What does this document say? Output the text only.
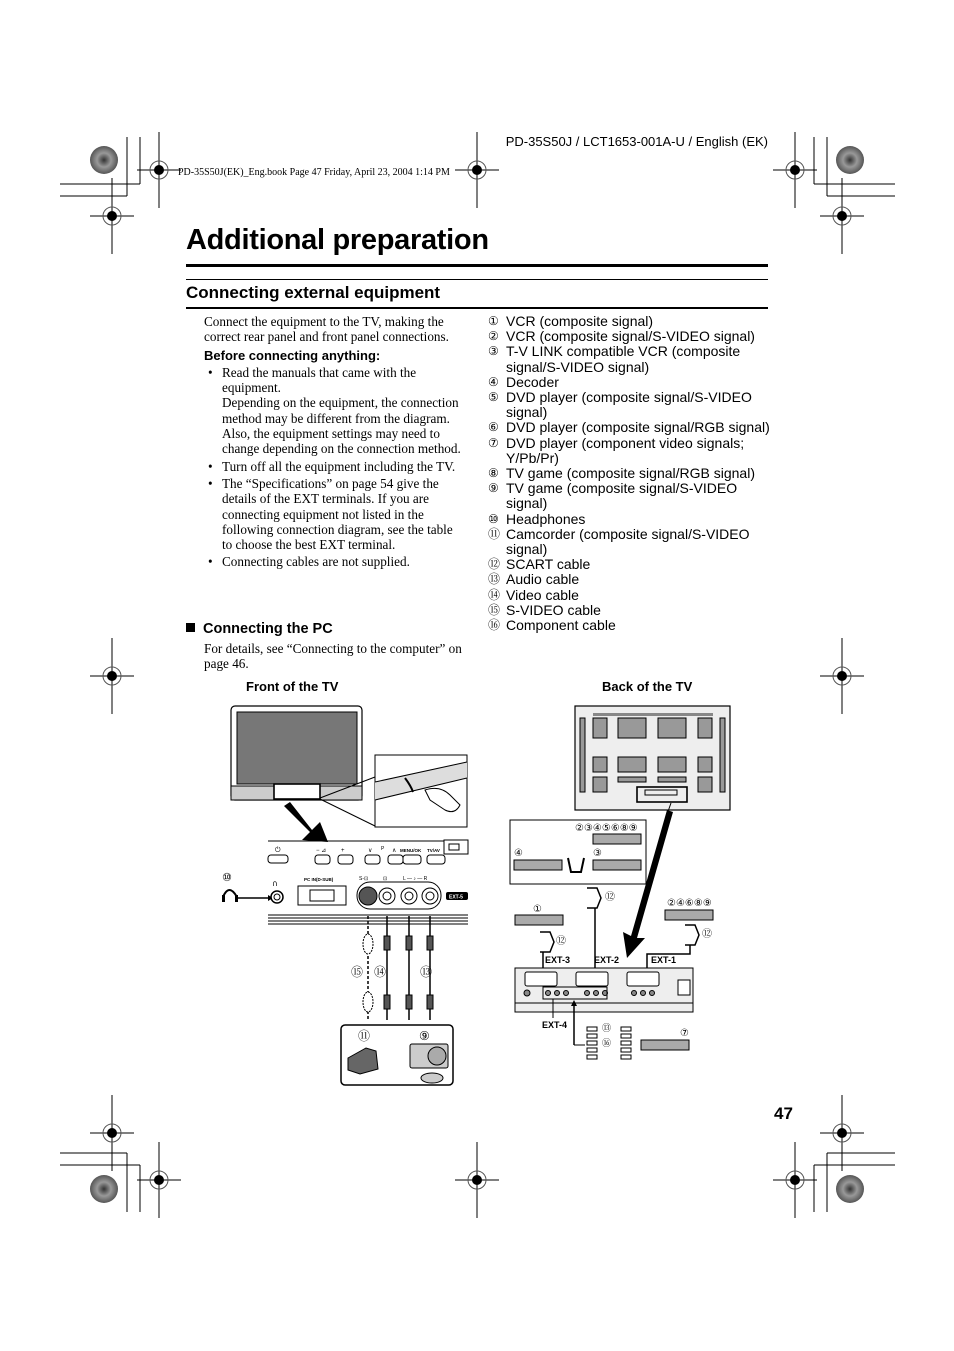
PD-35S50J / LCT1653-001A-U / English (EK)
PD-35S50J(EK)_Eng.book Page 47 Friday, April 23, 2004 1:14 PM
Additional preparation
Connecting external equipment

Connect the equipment to the TV, making the correct rear panel and front panel connections.

Before connecting anything:

• Read the manuals that came with the equipment.
Depending on the equipment, the connection method may be different from the diagram. Also, the equipment settings may need to change depending on the connection method.
• Turn off all the equipment including the TV.
• The “Specifications” on page 54 give the details of the EXT terminals. If you are connecting equipment not listed in the following connection diagram, see the table to choose the best EXT terminal.
• Connecting cables are not supplied.
Connecting the PC
For details, see “Connecting to the computer” on page 46.
① VCR (composite signal)
② VCR (composite signal/S-VIDEO signal)
③ T-V LINK compatible VCR (composite signal/S-VIDEO signal)
④ Decoder
⑤ DVD player (composite signal/S-VIDEO signal)
⑥ DVD player (composite signal/RGB signal)
⑦ DVD player (component video signals; Y/Pb/Pr)
⑧ TV game (composite signal/RGB signal)
⑨ TV game (composite signal/S-VIDEO signal)
⑩ Headphones
⑪ Camcorder (composite signal/S-VIDEO signal)
⑫ SCART cable
⑬ Audio cable
⑭ Video cable
⑮ S-VIDEO cable
⑯ Component cable
Front of the TV	Back of the TV
⏻	− ⊿ +	∨ P ∧ MENU/OK TV/AV
⑩	∩	PC IN(D-SUB)	S-⊡	⊡	L — ♪ — R
EXT-5
⑮ ⑭	⑬
⑪	⑨
②③④⑤⑥⑧⑨
④	③
⑫
①
⑫
②④⑥⑧⑨
⑫
EXT-3	EXT-2	EXT-1
EXT-4	⑬
⑯
⑦
47
